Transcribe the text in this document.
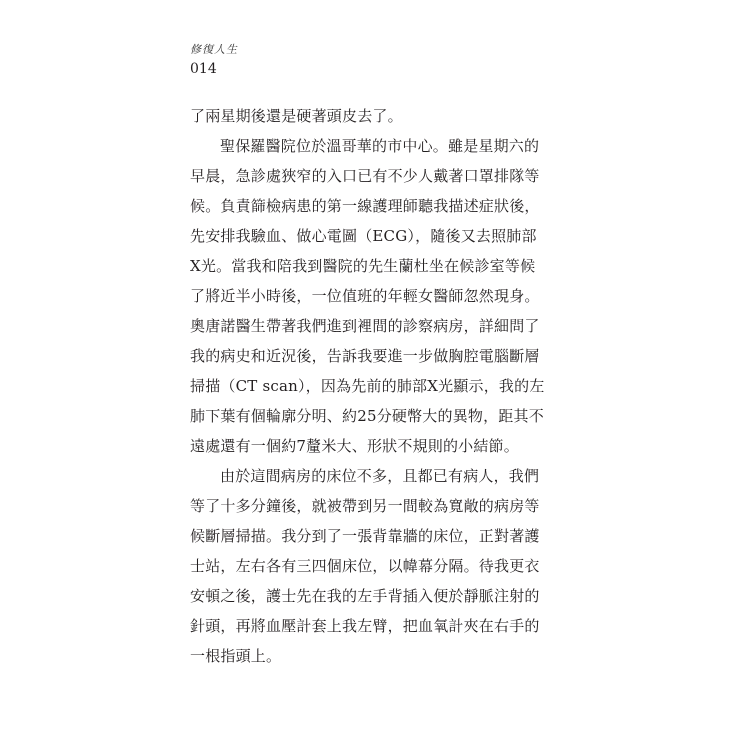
修復人生
014
了兩星期後還是硬著頭皮去了。
聖保羅醫院位於溫哥華的市中心。雖是星期六的
早晨，急診處狹窄的入口已有不少人戴著口罩排隊等
候。負責篩檢病患的第一線護理師聽我描述症狀後，
先安排我驗血、做心電圖（ECG），隨後又去照肺部
X光。當我和陪我到醫院的先生蘭杜坐在候診室等候
了將近半小時後，一位值班的年輕女醫師忽然現身。
奧唐諾醫生帶著我們進到裡間的診察病房，詳細問了
我的病史和近況後，告訴我要進一步做胸腔電腦斷層
掃描（CT scan），因為先前的肺部X光顯示，我的左
肺下葉有個輪廓分明、約25分硬幣大的異物，距其不
遠處還有一個約7釐米大、形狀不規則的小結節。
由於這間病房的床位不多，且都已有病人，我們
等了十多分鐘後，就被帶到另一間較為寬敞的病房等
候斷層掃描。我分到了一張背靠牆的床位，正對著護
士站，左右各有三四個床位，以幃幕分隔。待我更衣
安頓之後，護士先在我的左手背插入便於靜脈注射的
針頭，再將血壓計套上我左臂，把血氧計夾在右手的
一根指頭上。
